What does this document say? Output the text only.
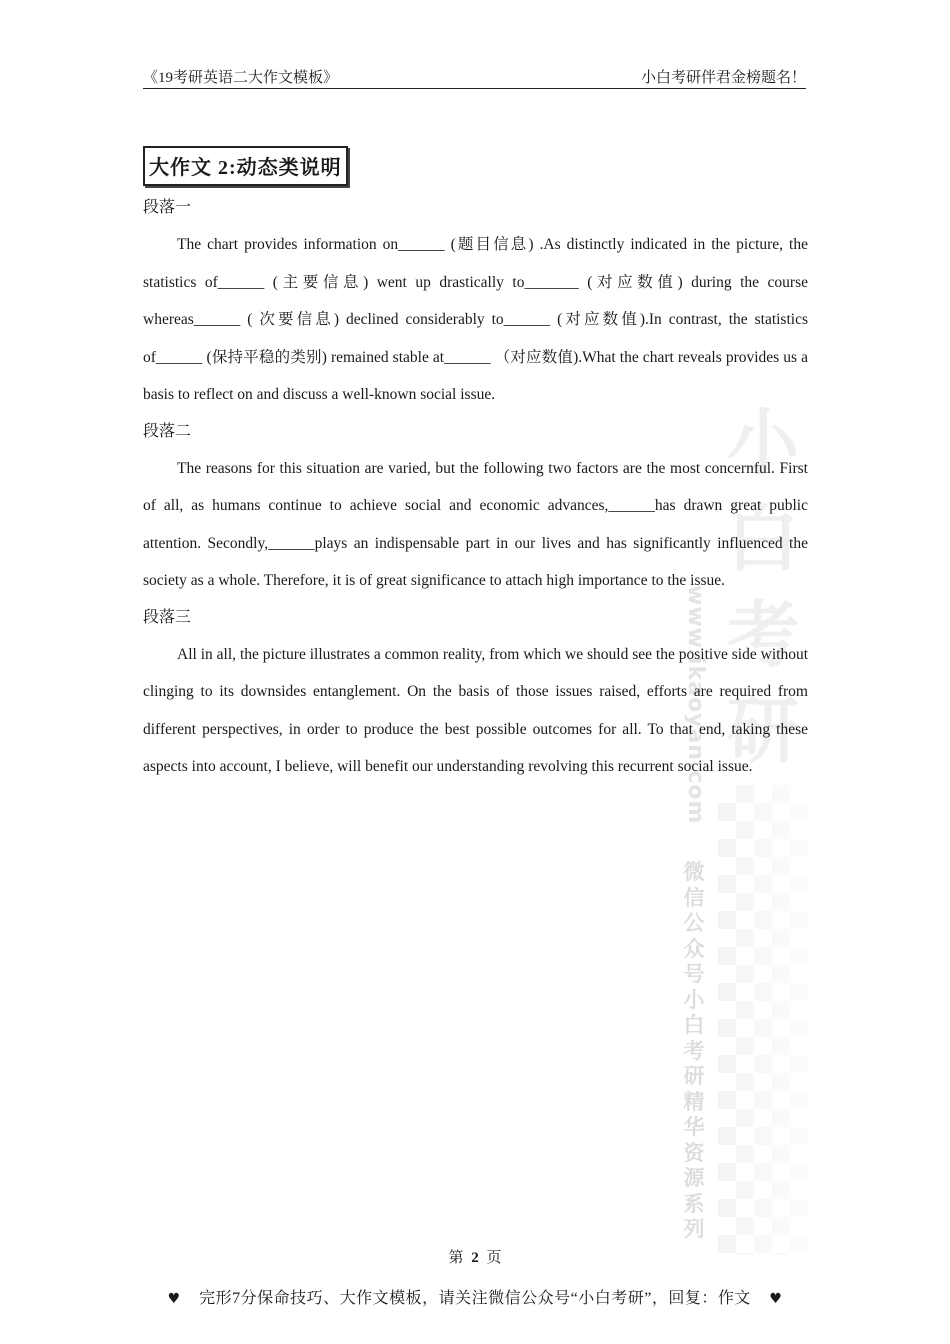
《19考研英语二大作文模板》	小白考研伴君金榜题名！
大作文 2:动态类说明
小白考研
www.ikaoyan.com
微信公众号 小白考研 精华资源系列

段落一

The chart provides information on______ (题目信息) .As distinctly indicated in the picture, the statistics of______ (主要信息) went up drastically to_______ (对应数值) during the course whereas______ ( 次要信息) declined considerably to______ (对应数值).In contrast, the statistics of______ (保持平稳的类别) remained stable at______ （对应数值).What the chart reveals provides us a basis to reflect on and discuss a well-known social issue.

段落二

The reasons for this situation are varied, but the following two factors are the most concernful. First of all, as humans continue to achieve social and economic advances,______has drawn great public attention. Secondly,______plays an indispensable part in our lives and has significantly influenced the society as a whole. Therefore, it is of great significance to attach high importance to the issue.

段落三

All in all, the picture illustrates a common reality, from which we should see the positive side without clinging to its downsides entanglement. On the basis of those issues raised, efforts are required from different perspectives, in order to produce the best possible outcomes for all. To that end, taking these aspects into account, I believe, will benefit our understanding revolving this recurrent social issue.

第 2 页
♥ 完形7分保命技巧、大作文模板，请关注微信公众号“小白考研”，回复：作文 ♥
